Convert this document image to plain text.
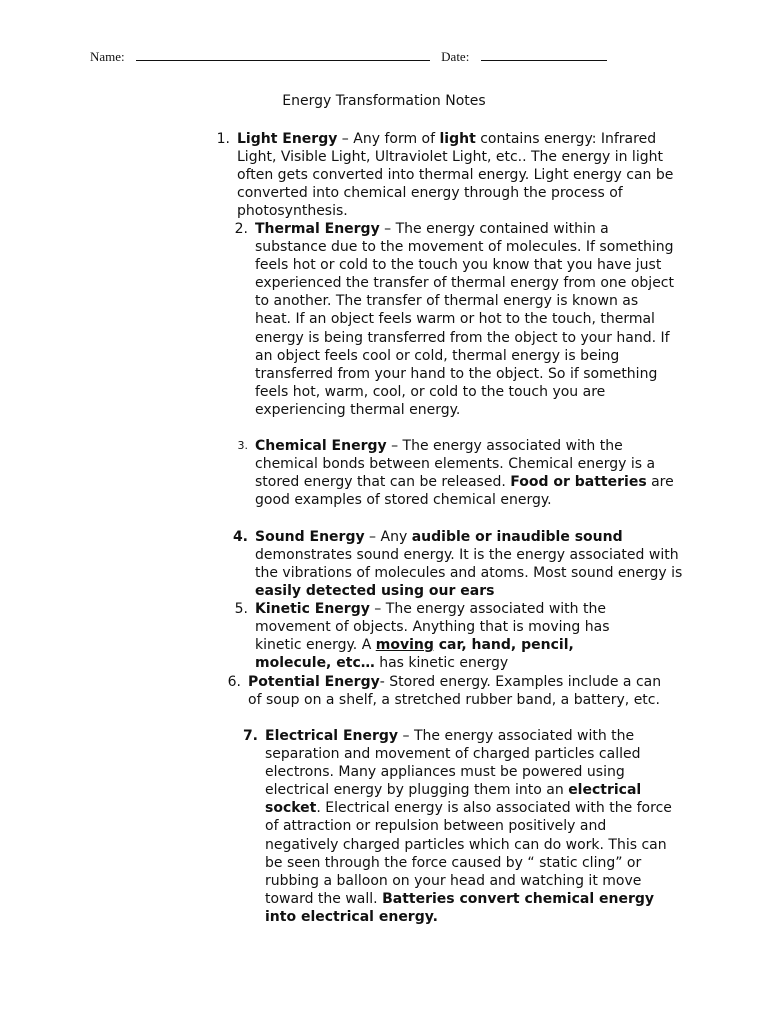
Name:	Date:
Energy Transformation Notes
1. Light Energy – Any form of light contains energy: Infrared Light, Visible Light, Ultraviolet Light, etc.. The energy in light often gets converted into thermal energy. Light energy can be converted into chemical energy through the process of photosynthesis.
2. Thermal Energy – The energy contained within a substance due to the movement of molecules. If something feels hot or cold to the touch you know that you have just experienced the transfer of thermal energy from one object to another. The transfer of thermal energy is known as heat. If an object feels warm or hot to the touch, thermal energy is being transferred from the object to your hand. If an object feels cool or cold, thermal energy is being transferred from your hand to the object. So if something feels hot, warm, cool, or cold to the touch you are experiencing thermal energy.
3. Chemical Energy – The energy associated with the chemical bonds between elements. Chemical energy is a stored energy that can be released. Food or batteries are good examples of stored chemical energy.
4. Sound Energy – Any audible or inaudible sound demonstrates sound energy. It is the energy associated with the vibrations of molecules and atoms. Most sound energy is easily detected using our ears
5. Kinetic Energy – The energy associated with the movement of objects. Anything that is moving has kinetic energy. A moving car, hand, pencil, molecule, etc… has kinetic energy
6. Potential Energy- Stored energy. Examples include a can of soup on a shelf, a stretched rubber band, a battery, etc.
7. Electrical Energy – The energy associated with the separation and movement of charged particles called electrons. Many appliances must be powered using electrical energy by plugging them into an electrical socket. Electrical energy is also associated with the force of attraction or repulsion between positively and negatively charged particles which can do work. This can be seen through the force caused by “ static cling” or rubbing a balloon on your head and watching it move toward the wall. Batteries convert chemical energy into electrical energy.
